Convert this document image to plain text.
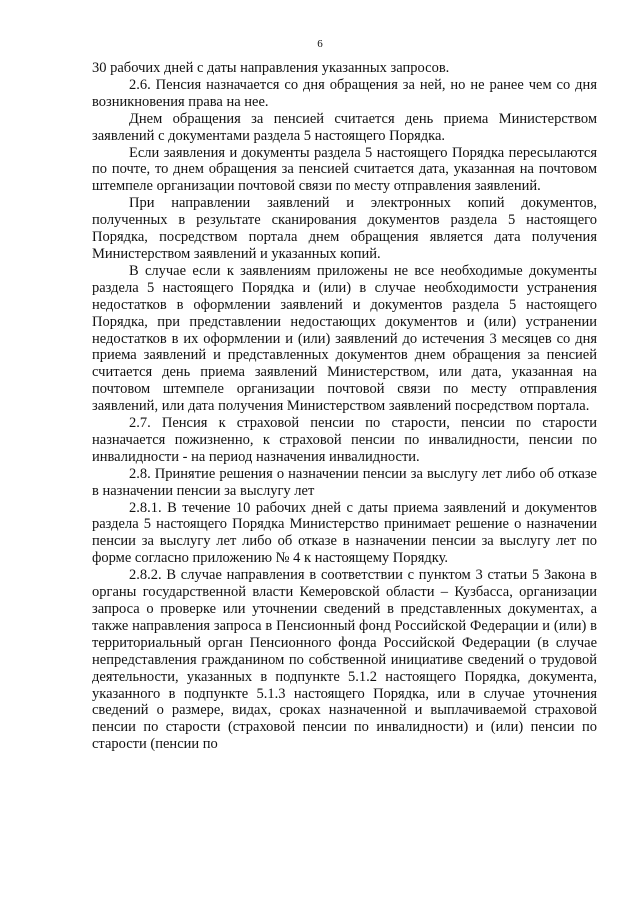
6

30 рабочих дней с даты направления указанных запросов.

2.6. Пенсия назначается со дня обращения за ней, но не ранее чем со дня возникновения права на нее.

Днем обращения за пенсией считается день приема Министерством заявлений с документами раздела 5 настоящего Порядка.

Если заявления и документы раздела 5 настоящего Порядка пересылаются по почте, то днем обращения за пенсией считается дата, указанная на почтовом штемпеле организации почтовой связи по месту отправления заявлений.

При направлении заявлений и электронных копий документов, полученных в результате сканирования документов раздела 5 настоящего Порядка, посредством портала днем обращения является дата получения Министерством заявлений и указанных копий.

В случае если к заявлениям приложены не все необходимые документы раздела 5 настоящего Порядка и (или) в случае необходимости устранения недостатков в оформлении заявлений и документов раздела 5 настоящего Порядка, при представлении недостающих документов и (или) устранении недостатков в их оформлении и (или) заявлений до истечения 3 месяцев со дня приема заявлений и представленных документов днем обращения за пенсией считается день приема заявлений Министерством, или дата, указанная на почтовом штемпеле организации почтовой связи по месту отправления заявлений, или дата получения Министерством заявлений посредством портала.

2.7. Пенсия к страховой пенсии по старости, пенсии по старости назначается пожизненно, к страховой пенсии по инвалидности, пенсии по инвалидности - на период назначения инвалидности.

2.8. Принятие решения о назначении пенсии за выслугу лет либо об отказе в назначении пенсии за выслугу лет

2.8.1. В течение 10 рабочих дней с даты приема заявлений и документов раздела 5 настоящего Порядка Министерство принимает решение о назначении пенсии за выслугу лет либо об отказе в назначении пенсии за выслугу лет по форме согласно приложению № 4 к настоящему Порядку.

2.8.2. В случае направления в соответствии с пунктом 3 статьи 5 Закона в органы государственной власти Кемеровской области – Кузбасса, организации запроса о проверке или уточнении сведений в представленных документах, а также направления запроса в Пенсионный фонд Российской Федерации и (или) в территориальный орган Пенсионного фонда Российской Федерации (в случае непредставления гражданином по собственной инициативе сведений о трудовой деятельности, указанных в подпункте 5.1.2 настоящего Порядка, документа, указанного в подпункте 5.1.3 настоящего Порядка, или в случае уточнения сведений о размере, видах, сроках назначенной и выплачиваемой страховой пенсии по старости (страховой пенсии по инвалидности) и (или) пенсии по старости (пенсии по
